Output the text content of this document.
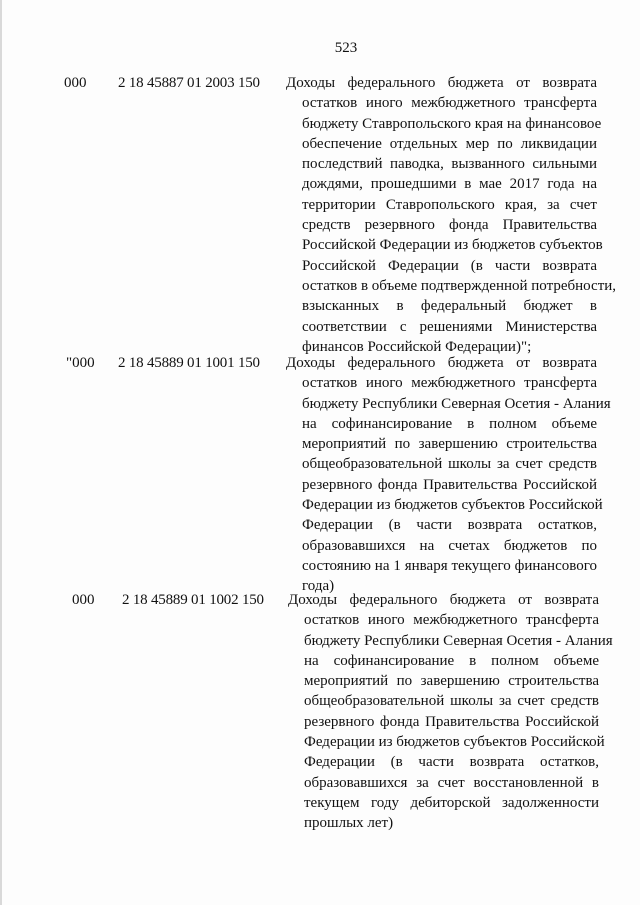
523
000 2 18 45887 01 2003 150 Доходы федерального бюджета от возврата
остатков иного межбюджетного трансферта
бюджету Ставропольского края на финансовое
обеспечение отдельных мер по ликвидации
последствий паводка, вызванного сильными
дождями, прошедшими в мае 2017 года на
территории Ставропольского края, за счет
средств резервного фонда Правительства
Российской Федерации из бюджетов субъектов
Российской Федерации (в части возврата
остатков в объеме подтвержденной потребности,
взысканных в федеральный бюджет в
соответствии с решениями Министерства
финансов Российской Федерации)";
"000 2 18 45889 01 1001 150 Доходы федерального бюджета от возврата
остатков иного межбюджетного трансферта
бюджету Республики Северная Осетия - Алания
на софинансирование в полном объеме
мероприятий по завершению строительства
общеобразовательной школы за счет средств
резервного фонда Правительства Российской
Федерации из бюджетов субъектов Российской
Федерации (в части возврата остатков,
образовавшихся на счетах бюджетов по
состоянию на 1 января текущего финансового
года)
000 2 18 45889 01 1002 150 Доходы федерального бюджета от возврата
остатков иного межбюджетного трансферта
бюджету Республики Северная Осетия - Алания
на софинансирование в полном объеме
мероприятий по завершению строительства
общеобразовательной школы за счет средств
резервного фонда Правительства Российской
Федерации из бюджетов субъектов Российской
Федерации (в части возврата остатков,
образовавшихся за счет восстановленной в
текущем году дебиторской задолженности
прошлых лет)
